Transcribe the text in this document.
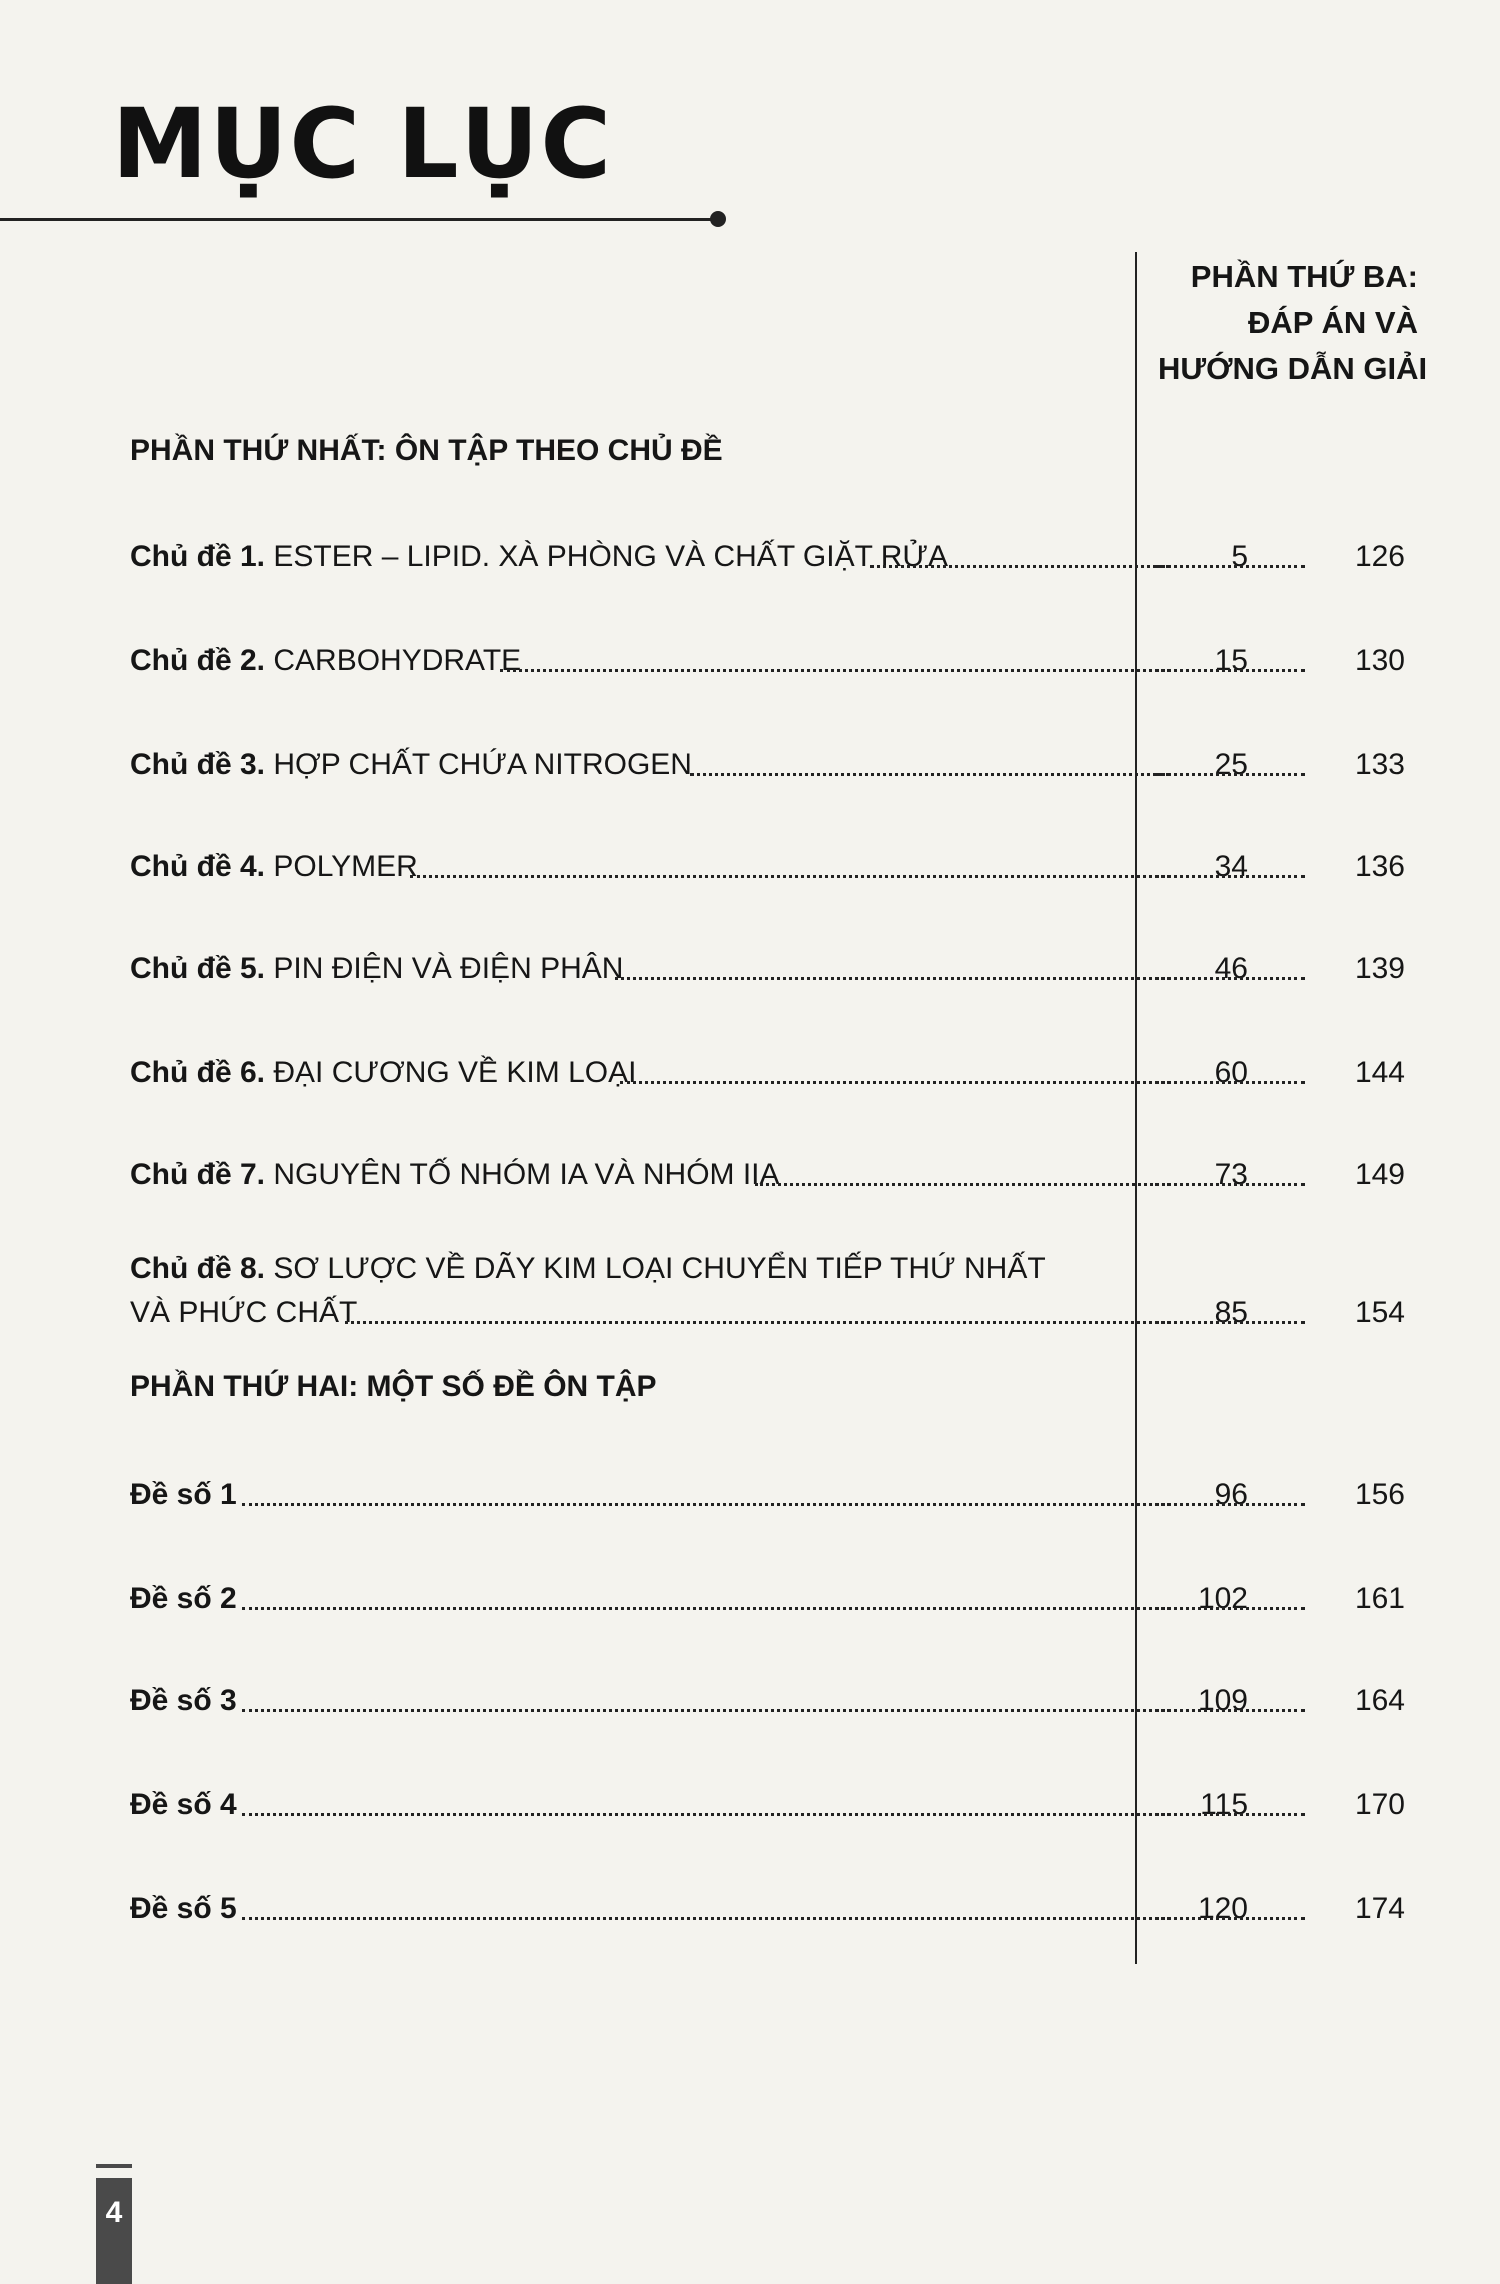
MỤC LỤC
PHẦN THỨ BA:
ĐÁP ÁN VÀ
HƯỚNG DẪN GIẢI
PHẦN THỨ NHẤT: ÔN TẬP THEO CHỦ ĐỀ
Chủ đề 1. ESTER – LIPID. XÀ PHÒNG VÀ CHẤT GIẶT RỬA	5	126
Chủ đề 2. CARBOHYDRATE	15	130
Chủ đề 3. HỢP CHẤT CHỨA NITROGEN	25	133
Chủ đề 4. POLYMER	34	136
Chủ đề 5. PIN ĐIỆN VÀ ĐIỆN PHÂN	46	139
Chủ đề 6. ĐẠI CƯƠNG VỀ KIM LOẠI	60	144
Chủ đề 7. NGUYÊN TỐ NHÓM IA VÀ NHÓM IIA	73	149
Chủ đề 8. SƠ LƯỢC VỀ DÃY KIM LOẠI CHUYỂN TIẾP THỨ NHẤT
VÀ PHỨC CHẤT	85	154
PHẦN THỨ HAI: MỘT SỐ ĐỀ ÔN TẬP
Đề số 1	96	156
Đề số 2	102	161
Đề số 3	109	164
Đề số 4	115	170
Đề số 5	120	174
4
